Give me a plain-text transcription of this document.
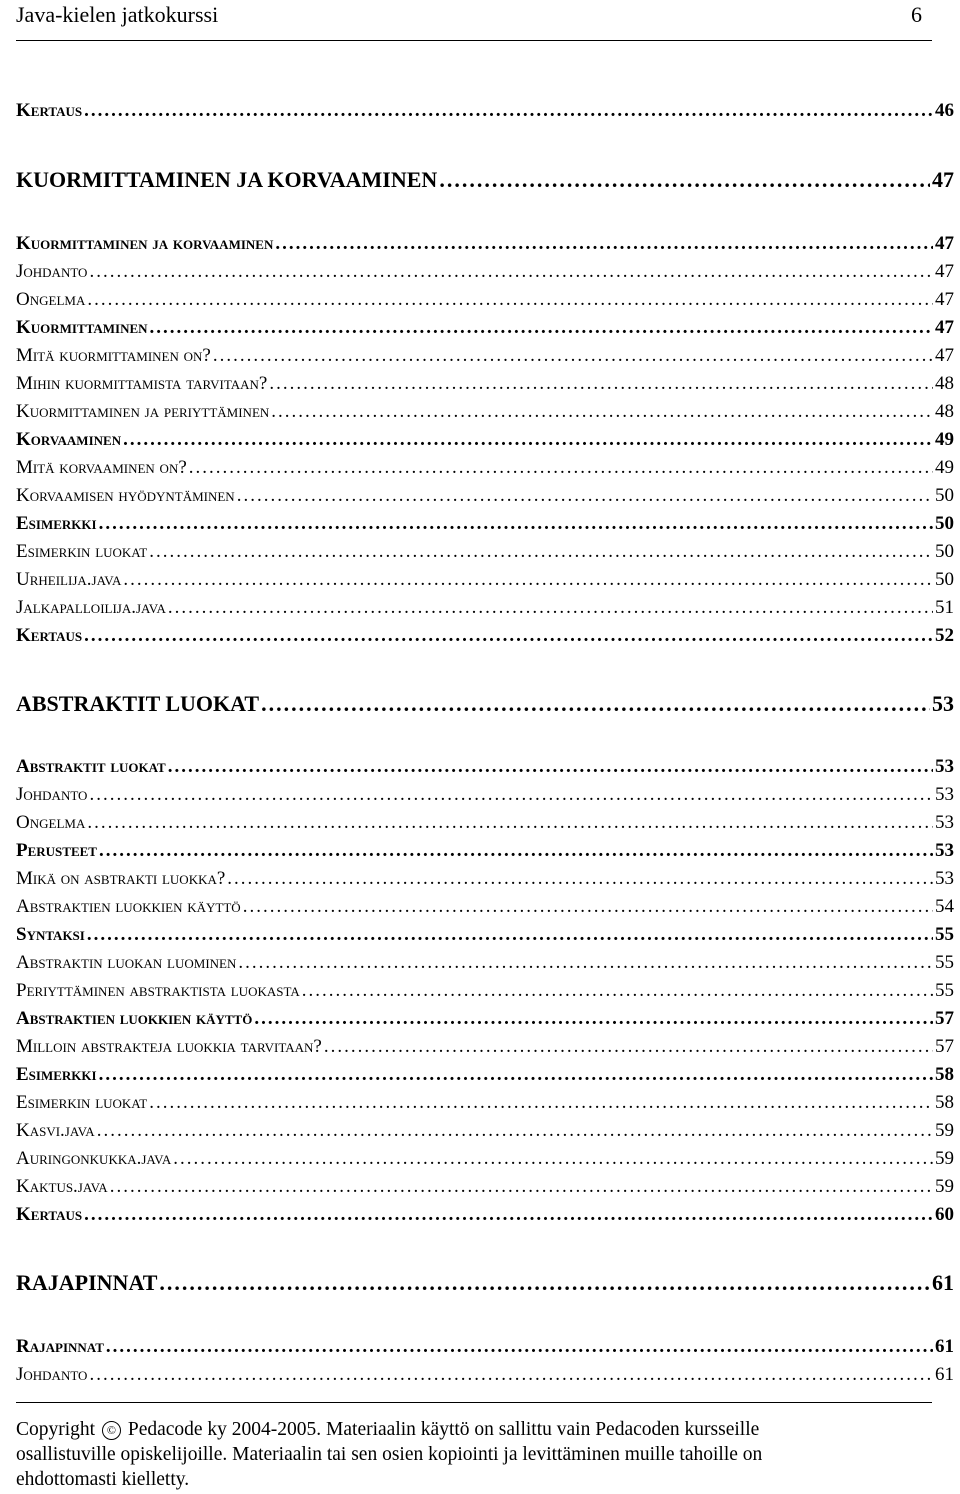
Java-kielen jatkokurssi	6
Kertaus .....	46
KUORMITTAMINEN JA KORVAAMINEN .....	47
Kuormittaminen ja korvaaminen .....	47
Johdanto .....	47
Ongelma .....	47
Kuormittaminen .....	47
Mitä kuormittaminen on? .....	47
Mihin kuormittamista tarvitaan? .....	48
Kuormittaminen ja periyttäminen .....	48
Korvaaminen .....	49
Mitä korvaaminen on? .....	49
Korvaamisen hyödyntäminen .....	50
Esimerkki .....	50
Esimerkin luokat .....	50
Urheilija.java .....	50
Jalkapalloilija.java .....	51
Kertaus .....	52
ABSTRAKTIT LUOKAT .....	53
Abstraktit luokat .....	53
Johdanto .....	53
Ongelma .....	53
Perusteet .....	53
Mikä on asbtrakti luokka? .....	53
Abstraktien luokkien käyttö .....	54
Syntaksi .....	55
Abstraktin luokan luominen .....	55
Periyttäminen abstraktista luokasta .....	55
Abstraktien luokkien käyttö .....	57
Milloin abstrakteja luokkia tarvitaan? .....	57
Esimerkki .....	58
Esimerkin luokat .....	58
Kasvi.java .....	59
Auringonkukka.java .....	59
Kaktus.java .....	59
Kertaus .....	60
RAJAPINNAT .....	61
Rajapinnat .....	61
Johdanto .....	61
Copyright © Pedacode ky 2004-2005. Materiaalin käyttö on sallittu vain Pedacoden kursseille
osallistuville opiskelijoille. Materiaalin tai sen osien kopiointi ja levittäminen muille tahoille on
ehdottomasti kielletty.
